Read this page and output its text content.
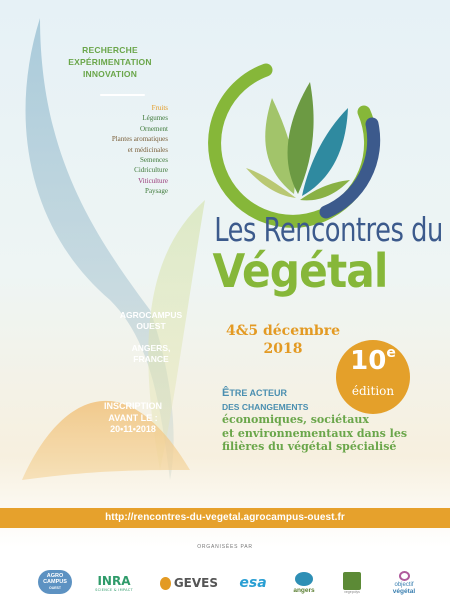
RECHERCHE
EXPÉRIMENTATION
INNOVATION
Fruits
Légumes
Ornement
Plantes aromatiques
et médicinales
Semences
Cidriculture
Viticulture
Paysage
Les Rencontres du
Végétal
AGROCAMPUS
OUEST
ANGERS,
FRANCE
4&5 décembre
2018	10e
édition
ÊTRE ACTEUR
DES CHANGEMENTS
économiques, sociétaux
et environnementaux dans les
filières du végétal spécialisé
INSCRIPTION
AVANT LE :
20•11•2018
http://rencontres-du-vegetal.agrocampus-ouest.fr
ORGANISÉES PAR
AGRO
CAMPUS
OUEST	INRA
SCIENCE & IMPACT	GEVES esa	angers	vegepolys
objectif
végétal
